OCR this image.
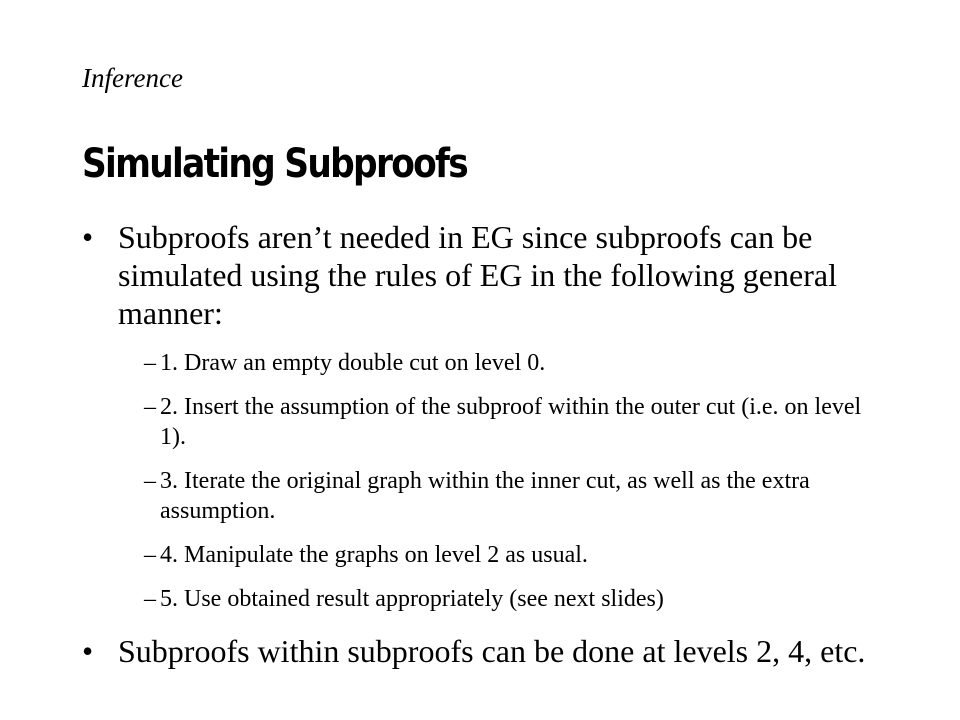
Inference
Simulating Subproofs
• Subproofs aren’t needed in EG since subproofs can be simulated using the rules of EG in the following general manner:
– 1. Draw an empty double cut on level 0.
– 2. Insert the assumption of the subproof within the outer cut (i.e. on level 1).
– 3. Iterate the original graph within the inner cut, as well as the extra assumption.
– 4. Manipulate the graphs on level 2 as usual.
– 5. Use obtained result appropriately (see next slides)
• Subproofs within subproofs can be done at levels 2, 4, etc.
